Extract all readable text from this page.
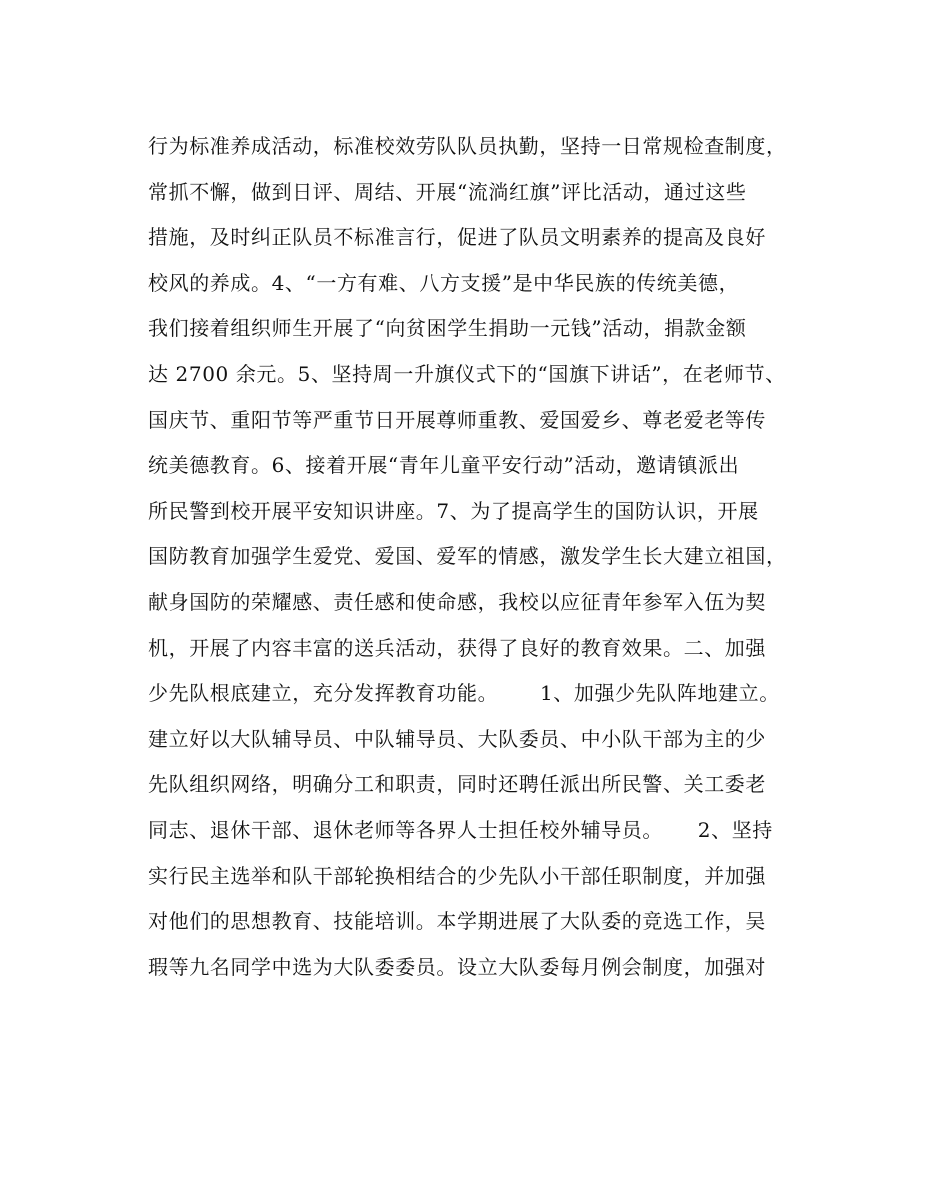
行为标准养成活动，标准校效劳队队员执勤，坚持一日常规检查制度，
常抓不懈，做到日评、周结、开展“流淌红旗”评比活动，通过这些
措施，及时纠正队员不标准言行，促进了队员文明素养的提高及良好
校风的养成。4、“一方有难、八方支援”是中华民族的传统美德，
我们接着组织师生开展了“向贫困学生捐助一元钱”活动，捐款金额
达 2700 余元。5、坚持周一升旗仪式下的“国旗下讲话”，在老师节、
国庆节、重阳节等严重节日开展尊师重教、爱国爱乡、尊老爱老等传
统美德教育。6、接着开展“青年儿童平安行动”活动，邀请镇派出
所民警到校开展平安知识讲座。7、为了提高学生的国防认识，开展
国防教育加强学生爱党、爱国、爱军的情感，激发学生长大建立祖国，
献身国防的荣耀感、责任感和使命感，我校以应征青年参军入伍为契
机，开展了内容丰富的送兵活动，获得了良好的教育效果。二、加强
少先队根底建立，充分发挥教育功能。      1、加强少先队阵地建立。
建立好以大队辅导员、中队辅导员、大队委员、中小队干部为主的少
先队组织网络，明确分工和职责，同时还聘任派出所民警、关工委老
同志、退休干部、退休老师等各界人士担任校外辅导员。     2、坚持
实行民主选举和队干部轮换相结合的少先队小干部任职制度，并加强
对他们的思想教育、技能培训。本学期进展了大队委的竞选工作，吴
瑕等九名同学中选为大队委委员。设立大队委每月例会制度，加强对
